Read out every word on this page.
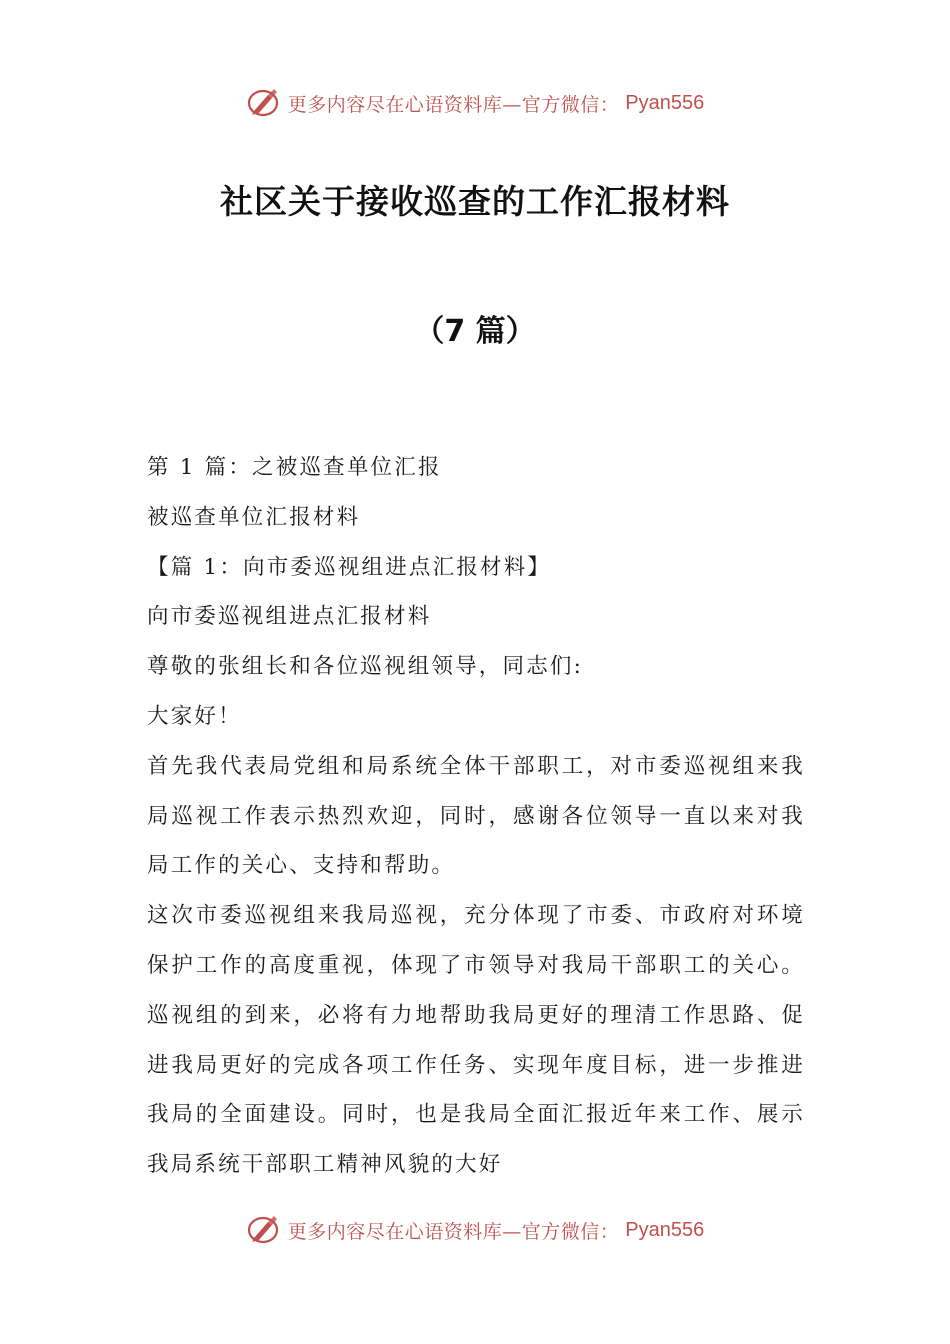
更多内容尽在心语资料库—官方微信： Pyan556
社区关于接收巡查的工作汇报材料
（7 篇）

第 1 篇：之被巡查单位汇报

被巡查单位汇报材料

【篇 1：向市委巡视组进点汇报材料】

向市委巡视组进点汇报材料

尊敬的张组长和各位巡视组领导，同志们:

大家好！

首先我代表局党组和局系统全体干部职工，对市委巡视组来我局巡视工作表示热烈欢迎，同时，感谢各位领导一直以来对我局工作的关心、支持和帮助。

这次市委巡视组来我局巡视，充分体现了市委、市政府对环境保护工作的高度重视，体现了市领导对我局干部职工的关心。巡视组的到来，必将有力地帮助我局更好的理清工作思路、促进我局更好的完成各项工作任务、实现年度目标，进一步推进我局的全面建设。同时，也是我局全面汇报近年来工作、展示我局系统干部职工精神风貌的大好

更多内容尽在心语资料库—官方微信： Pyan556
